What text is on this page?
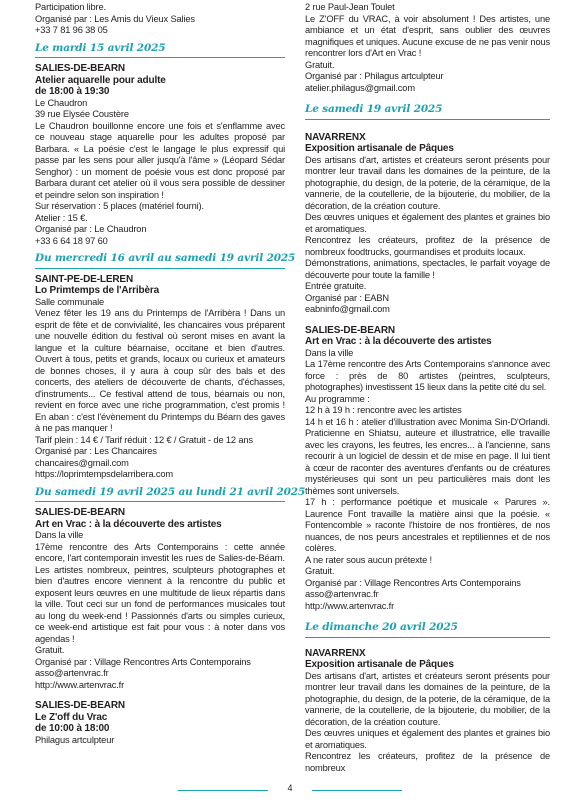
Participation libre.
Organisé par : Les Amis du Vieux Salies
+33 7 81 96 38 05

Le mardi 15 avril 2025

SALIES-DE-BEARN

Atelier aquarelle pour adulte

de 18:00 à 19:30

Le Chaudron
39 rue Elysée Coustère
Le Chaudron bouillonne encore une fois et s'enflamme avec ce nouveau stage aquarelle pour les adultes proposé par Barbara. « La poésie c'est le langage le plus expressif qui passe par les sens pour aller jusqu'à l'âme » (Léopard Sédar Senghor) : un moment de poésie vous est donc proposé par Barbara durant cet atelier où il vous sera possible de dessiner et peindre selon son inspiration !
Sur réservation : 5 places (matériel fourni).
Atelier : 15 €.
Organisé par : Le Chaudron
+33 6 64 18 97 60

Du mercredi 16 avril au samedi 19 avril 2025

SAINT-PE-DE-LEREN

Lo Primtemps de l'Arribèra

Salle communale
Venez fêter les 19 ans du Printemps de l'Arribèra ! Dans un esprit de fête et de convivialité, les chancaires vous préparent une nouvelle édition du festival où seront mises en avant la langue et la culture béarnaise, occitane et bien d'autres. Ouvert à tous, petits et grands, locaux ou curieux et amateurs de bonnes choses, il y aura à coup sûr des bals et des concerts, des ateliers de découverte de chants, d'échasses, d'instruments... Ce festival attend de tous, béarnais ou non, revient en force avec une riche programmation, c'est promis ! En aban : c'est l'évènement du Printemps du Béarn des gaves à ne pas manquer !
Tarif plein : 14 € / Tarif réduit : 12 € / Gratuit - de 12 ans
Organisé par : Les Chancaires
chancaires@gmail.com
https://loprimtempsdelarribera.com

Du samedi 19 avril 2025 au lundi 21 avril 2025

SALIES-DE-BEARN

Art en Vrac : à la découverte des artistes

Dans la ville
17ème rencontre des Arts Contemporains : cette année encore, l'art contemporain investit les rues de Salies-de-Béarn. Les artistes nombreux, peintres, sculpteurs photographes et bien d'autres encore viennent à la rencontre du public et exposent leurs œuvres en une multitude de lieux répartis dans la ville. Tout ceci sur un fond de performances musicales tout au long du week-end ! Passionnés d'arts ou simples curieux, ce week-end artistique est fait pour vous : à noter dans vos agendas !
Gratuit.
Organisé par : Village Rencontres Arts Contemporains
asso@artenvrac.fr
http://www.artenvrac.fr

SALIES-DE-BEARN

Le Z'off du Vrac

de 10:00 à 18:00

Philagus artculpteur

2 rue Paul-Jean Toulet
Le Z'OFF du VRAC, à voir absolument ! Des artistes, une ambiance et un état d'esprit, sans oublier des œuvres magnifiques et uniques. Aucune excuse de ne pas venir nous rencontrer lors d'Art en Vrac !
Gratuit.
Organisé par : Philagus artculpteur
atelier.philagus@gmail.com

Le samedi 19 avril 2025

NAVARRENX

Exposition artisanale de Pâques

Des artisans d'art, artistes et créateurs seront présents pour montrer leur travail dans les domaines de la peinture, de la photographie, du design, de la poterie, de la céramique, de la vannerie, de la coutellerie, de la bijouterie, du mobilier, de la décoration, de la création couture.
Des œuvres uniques et également des plantes et graines bio et aromatiques.
Rencontrez les créateurs, profitez de la présence de nombreux foodtrucks, gourmandises et produits locaux.
Démonstrations, animations, spectacles, le parfait voyage de découverte pour toute la famille !
Entrée gratuite.
Organisé par : EABN
eabninfo@gmail.com

SALIES-DE-BEARN

Art en Vrac : à la découverte des artistes

Dans la ville
La 17ème rencontre des Arts Contemporains s'annonce avec force : près de 80 artistes (peintres, sculpteurs, photographes) investissent 15 lieux dans la petite cité du sel.
Au programme :
12 h à 19 h : rencontre avec les artistes
14 h et 16 h : atelier d'illustration avec Monima Sin-D'Orlandi. Praticienne en Shiatsu, auteure et illustratrice, elle travaille avec les crayons, les feutres, les encres... à l'ancienne, sans recourir à un logiciel de dessin et de mise en page. Il lui tient à cœur de raconter des aventures d'enfants ou de créatures mystérieuses qui sont un peu particulières mais dont les thèmes sont universels.
17 h : performance poétique et musicale « Parures ». Laurence Font travaille la matière ainsi que la poésie. « Fontencomble » raconte l'histoire de nos frontières, de nos nuances, de nos peurs ancestrales et reptiliennes et de nos colères.
A ne rater sous aucun prétexte !
Gratuit.
Organisé par : Village Rencontres Arts Contemporains
asso@artenvrac.fr
http://www.artenvrac.fr

Le dimanche 20 avril 2025

NAVARRENX

Exposition artisanale de Pâques

Des artisans d'art, artistes et créateurs seront présents pour montrer leur travail dans les domaines de la peinture, de la photographie, du design, de la poterie, de la céramique, de la vannerie, de la coutellerie, de la bijouterie, du mobilier, de la décoration, de la création couture.
Des œuvres uniques et également des plantes et graines bio et aromatiques.
Rencontrez les créateurs, profitez de la présence de nombreux

4
